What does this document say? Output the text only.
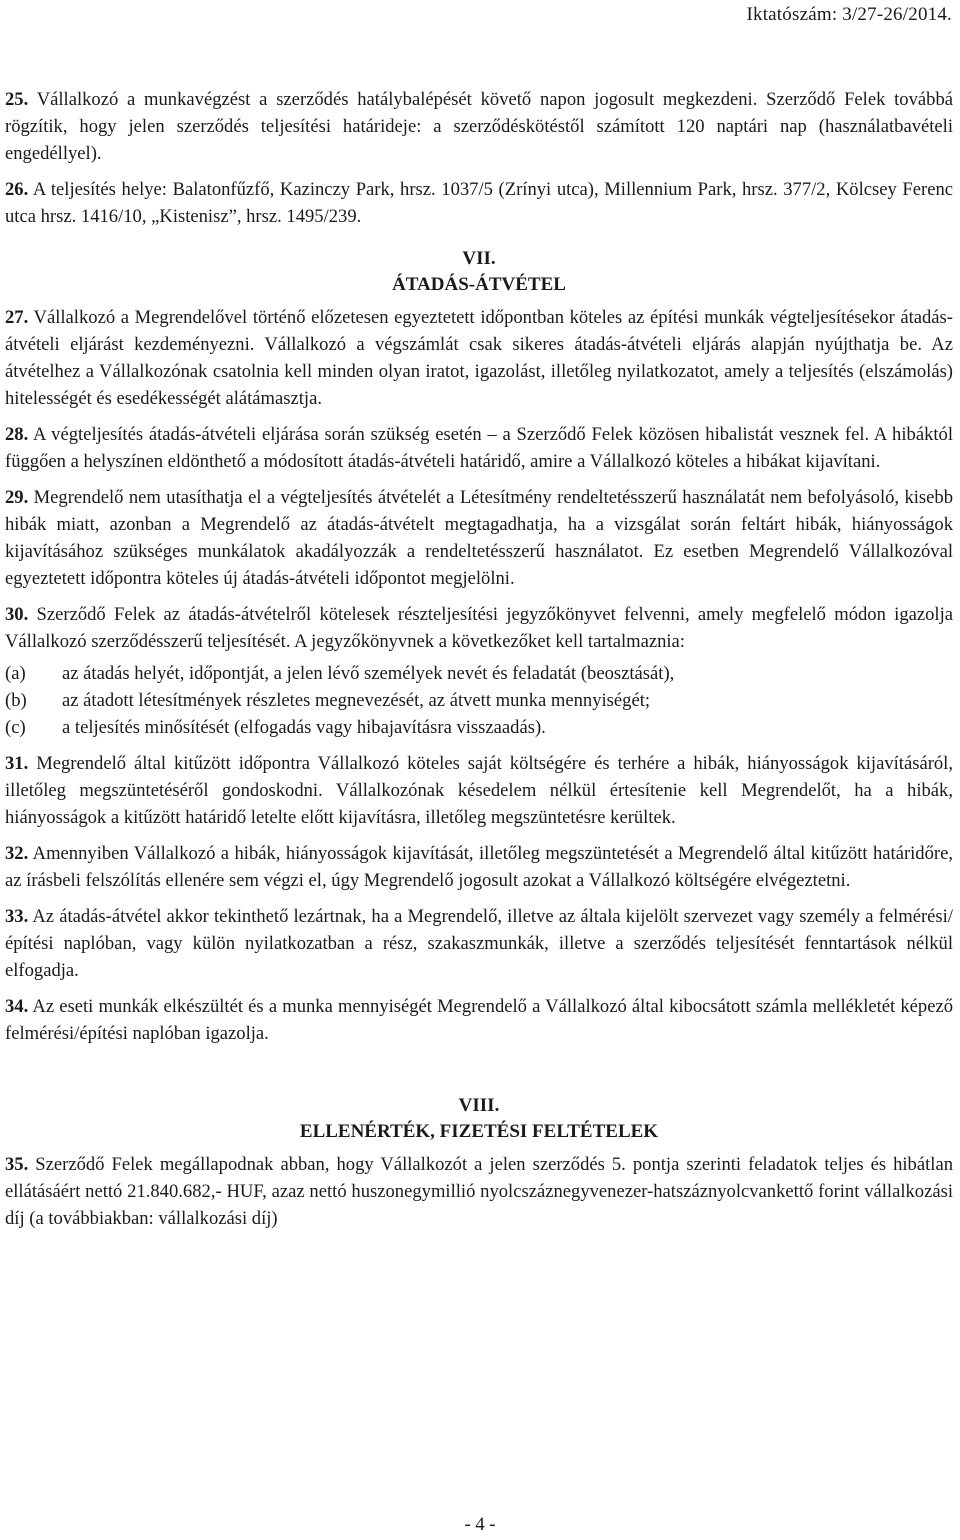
Iktatószám: 3/27-26/2014.

25. Vállalkozó a munkavégzést a szerződés hatálybalépését követő napon jogosult megkezdeni. Szerződő Felek továbbá rögzítik, hogy jelen szerződés teljesítési határideje: a szerződéskötéstől számított 120 naptári nap (használatbavételi engedéllyel).

26. A teljesítés helye: Balatonfűzfő, Kazinczy Park, hrsz. 1037/5 (Zrínyi utca), Millennium Park, hrsz. 377/2, Kölcsey Ferenc utca hrsz. 1416/10, „Kistenisz”, hrsz. 1495/239.

VII.
ÁTADÁS-ÁTVÉTEL

27. Vállalkozó a Megrendelővel történő előzetesen egyeztetett időpontban köteles az építési munkák végteljesítésekor átadás-átvételi eljárást kezdeményezni. Vállalkozó a végszámlát csak sikeres átadás-átvételi eljárás alapján nyújthatja be. Az átvételhez a Vállalkozónak csatolnia kell minden olyan iratot, igazolást, illetőleg nyilatkozatot, amely a teljesítés (elszámolás) hitelességét és esedékességét alátámasztja.

28. A végteljesítés átadás-átvételi eljárása során szükség esetén – a Szerződő Felek közösen hibalistát vesznek fel. A hibáktól függően a helyszínen eldönthető a módosított átadás-átvételi határidő, amire a Vállalkozó köteles a hibákat kijavítani.

29. Megrendelő nem utasíthatja el a végteljesítés átvételét a Létesítmény rendeltetésszerű használatát nem befolyásoló, kisebb hibák miatt, azonban a Megrendelő az átadás-átvételt megtagadhatja, ha a vizsgálat során feltárt hibák, hiányosságok kijavításához szükséges munkálatok akadályozzák a rendeltetésszerű használatot. Ez esetben Megrendelő Vállalkozóval egyeztetett időpontra köteles új átadás-átvételi időpontot megjelölni.

30. Szerződő Felek az átadás-átvételről kötelesek részteljesítési jegyzőkönyvet felvenni, amely megfelelő módon igazolja Vállalkozó szerződésszerű teljesítését. A jegyzőkönyvnek a következőket kell tartalmaznia:

(a)	az átadás helyét, időpontját, a jelen lévő személyek nevét és feladatát (beosztását),
(b)	az átadott létesítmények részletes megnevezését, az átvett munka mennyiségét;
(c)	a teljesítés minősítését (elfogadás vagy hibajavításra visszaadás).

31. Megrendelő által kitűzött időpontra Vállalkozó köteles saját költségére és terhére a hibák, hiányosságok kijavításáról, illetőleg megszüntetéséről gondoskodni. Vállalkozónak késedelem nélkül értesítenie kell Megrendelőt, ha a hibák, hiányosságok a kitűzött határidő letelte előtt kijavításra, illetőleg megszüntetésre kerültek.

32. Amennyiben Vállalkozó a hibák, hiányosságok kijavítását, illetőleg megszüntetését a Megrendelő által kitűzött határidőre, az írásbeli felszólítás ellenére sem végzi el, úgy Megrendelő jogosult azokat a Vállalkozó költségére elvégeztetni.

33. Az átadás-átvétel akkor tekinthető lezártnak, ha a Megrendelő, illetve az általa kijelölt szervezet vagy személy a felmérési/építési naplóban, vagy külön nyilatkozatban a rész, szakaszmunkák, illetve a szerződés teljesítését fenntartások nélkül elfogadja.

34. Az eseti munkák elkészültét és a munka mennyiségét Megrendelő a Vállalkozó által kibocsátott számla mellékletét képező felmérési/építési naplóban igazolja.

VIII.
ELLENÉRTÉK, FIZETÉSI FELTÉTELEK

35. Szerződő Felek megállapodnak abban, hogy Vállalkozót a jelen szerződés 5. pontja szerinti feladatok teljes és hibátlan ellátásáért nettó 21.840.682,- HUF, azaz nettó huszonegymillió nyolcszáznegyvenezer-hatszáznyolcvankettő forint vállalkozási díj (a továbbiakban: vállalkozási díj)

- 4 -
